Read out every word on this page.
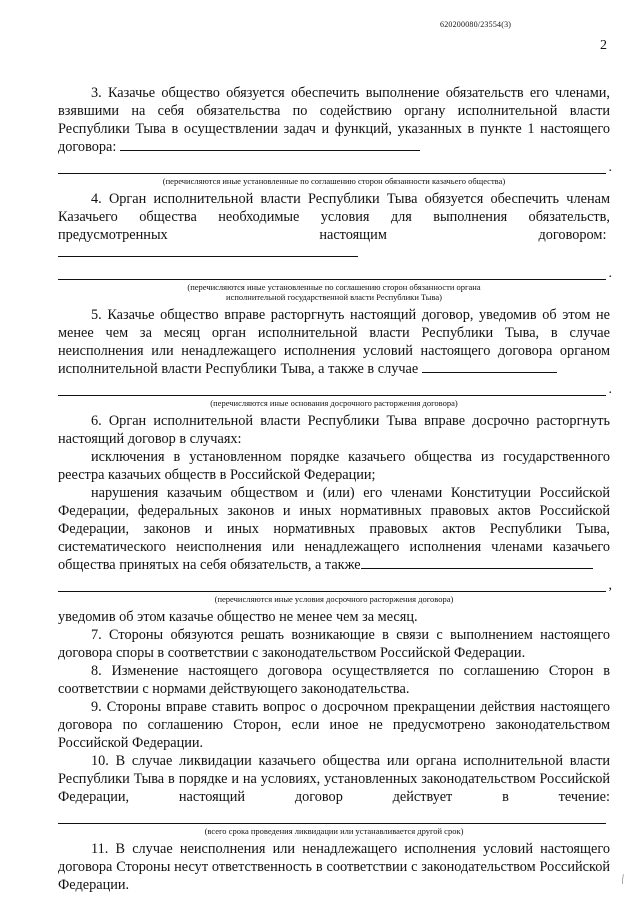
620200080/23554(3)
2

3. Казачье общество обязуется обеспечить выполнение обязательств его членами, взявшими на себя обязательства по содействию органу исполнительной власти Республики Тыва в осуществлении задач и функций, указанных в пункте 1 настоящего договора:

.
(перечисляются иные установленные по соглашению сторон обязанности казачьего общества)

4. Орган исполнительной власти Республики Тыва обязуется обеспечить членам Казачьего общества необходимые условия для выполнения обязательств, предусмотренных настоящим договором:

.
(перечисляются иные установленные по соглашению сторон обязанности органа
исполнительной государственной власти Республики Тыва)

5. Казачье общество вправе расторгнуть настоящий договор, уведомив об этом не менее чем за месяц орган исполнительной власти Республики Тыва, в случае неисполнения или ненадлежащего исполнения условий настоящего договора органом исполнительной власти Республики Тыва, а также в случае

.
(перечисляются иные основания досрочного расторжения договора)

6. Орган исполнительной власти Республики Тыва вправе досрочно расторгнуть настоящий договор в случаях:

исключения в установленном порядке казачьего общества из государственного реестра казачьих обществ в Российской Федерации;

нарушения казачьим обществом и (или) его членами Конституции Российской Федерации, федеральных законов и иных нормативных правовых актов Российской Федерации, законов и иных нормативных правовых актов Республики Тыва, систематического неисполнения или ненадлежащего исполнения членами казачьего общества принятых на себя обязательств, а также

,
(перечисляются иные условия досрочного расторжения договора)

уведомив об этом казачье общество не менее чем за месяц.

7. Стороны обязуются решать возникающие в связи с выполнением настоящего договора споры в соответствии с законодательством Российской Федерации.

8. Изменение настоящего договора осуществляется по соглашению Сторон в соответствии с нормами действующего законодательства.

9. Стороны вправе ставить вопрос о досрочном прекращении действия настоящего договора по соглашению Сторон, если иное не предусмотрено законодательством Российской Федерации.

10. В случае ликвидации казачьего общества или органа исполнительной власти Республики Тыва в порядке и на условиях, установленных законодательством Российской Федерации, настоящий договор действует в течение:

(всего срока проведения ликвидации или устанавливается другой срок)

11. В случае неисполнения или ненадлежащего исполнения условий настоящего договора Стороны несут ответственность в соответствии с законодательством Российской Федерации.	⁄
